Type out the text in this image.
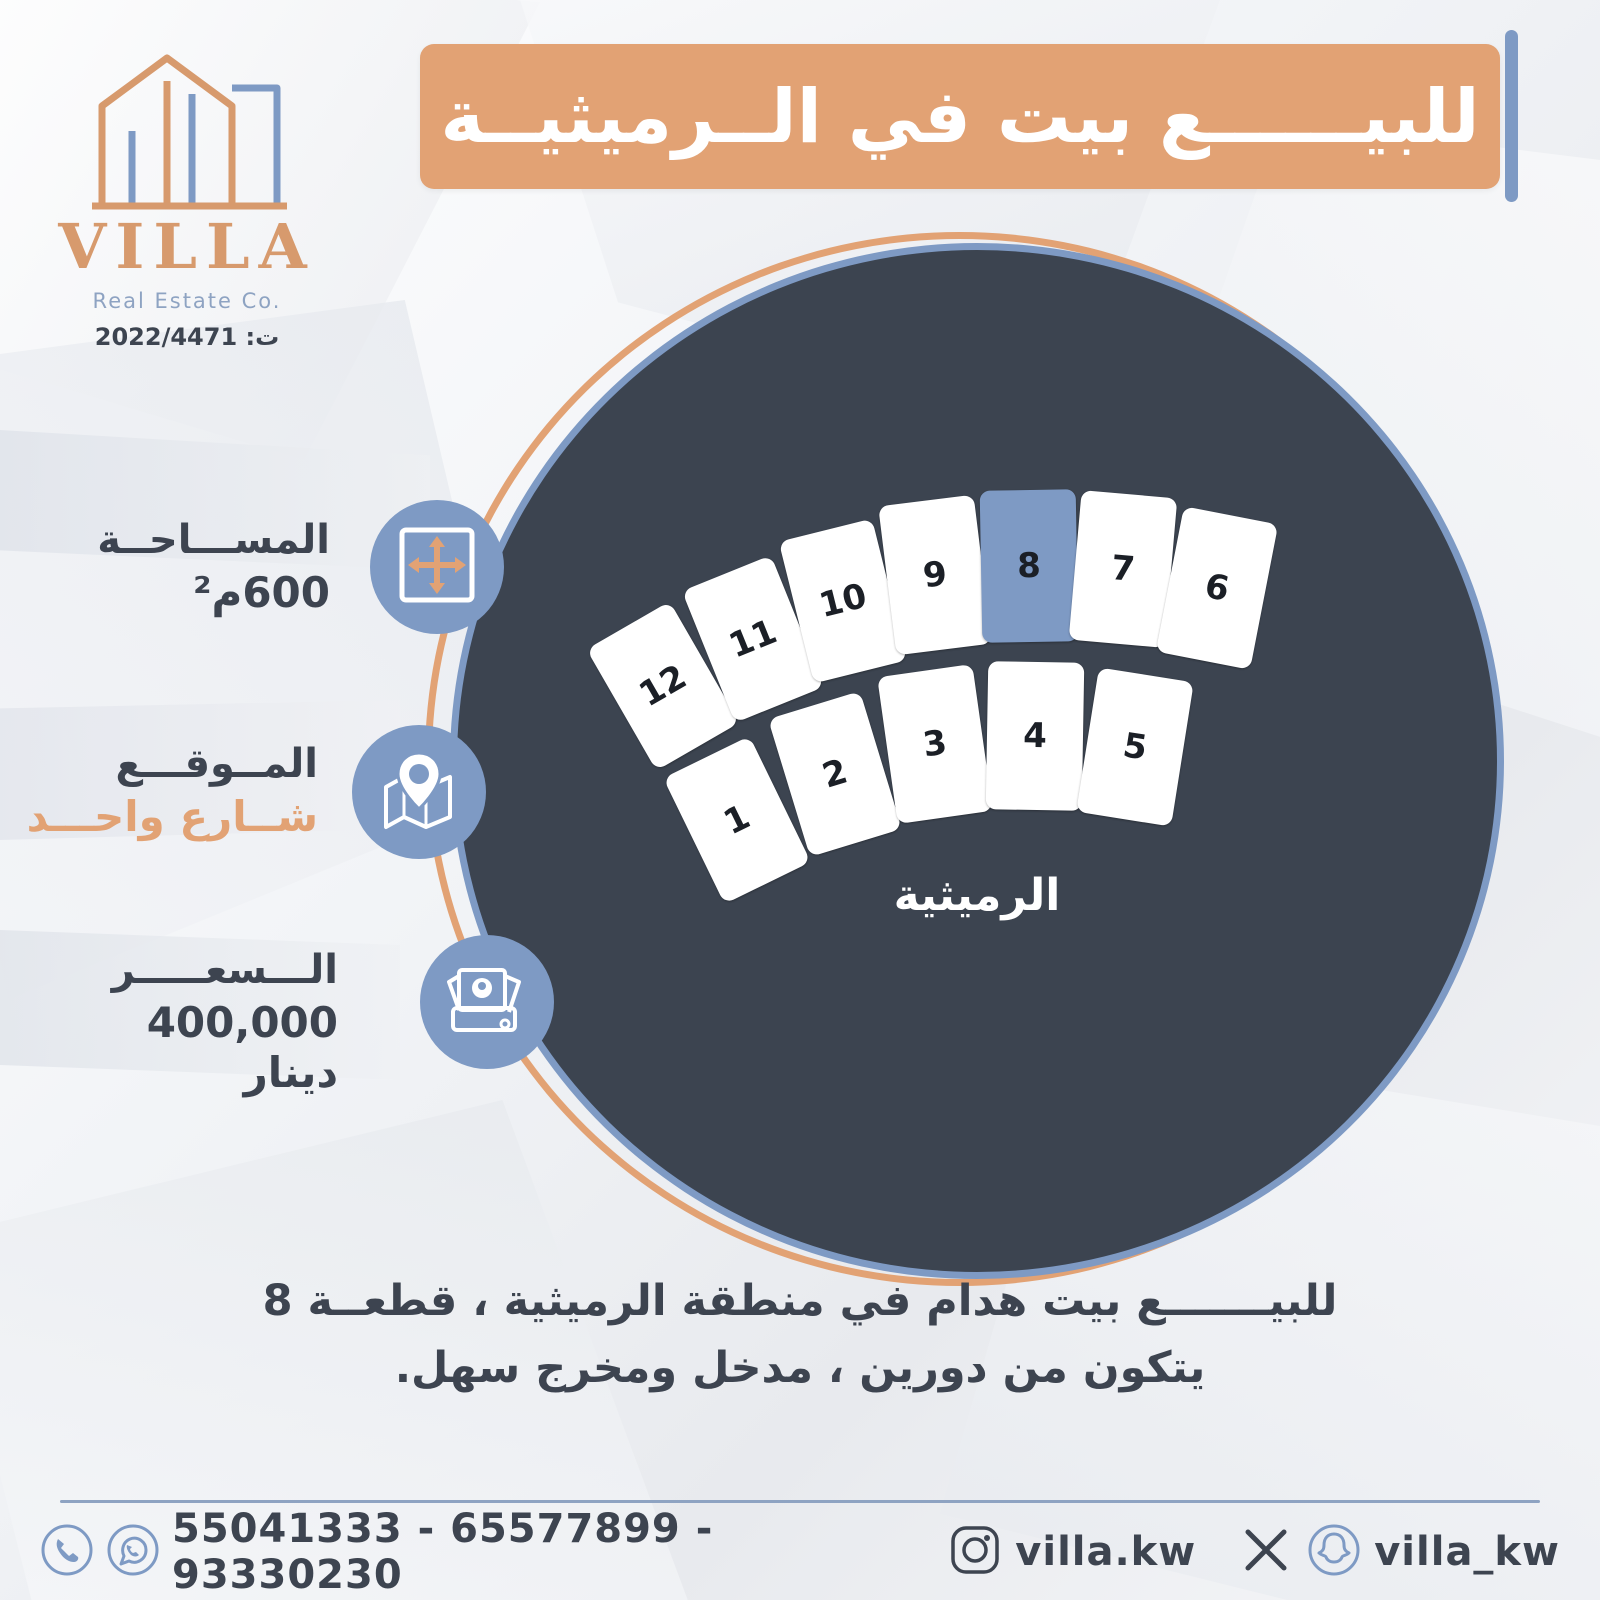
VILLA
Real Estate Co.
ت: 2022/4471
للبيــــــع بيت في الــرميثيــة
12
11
10
9	8	7	6
1
2
3	4	5
الرميثية
المســـاحــة
600م²
المــوقـــع
شــارع واحـــد
الـــسعـــــر
400,000 دينار
للبيـــــــع بيت هدام في منطقة الرميثية ، قطعــة 8
يتكون من دورين ، مدخل ومخرج سهل.
55041333 - 65577899 - 93330230	villa.kw	villa_kw
